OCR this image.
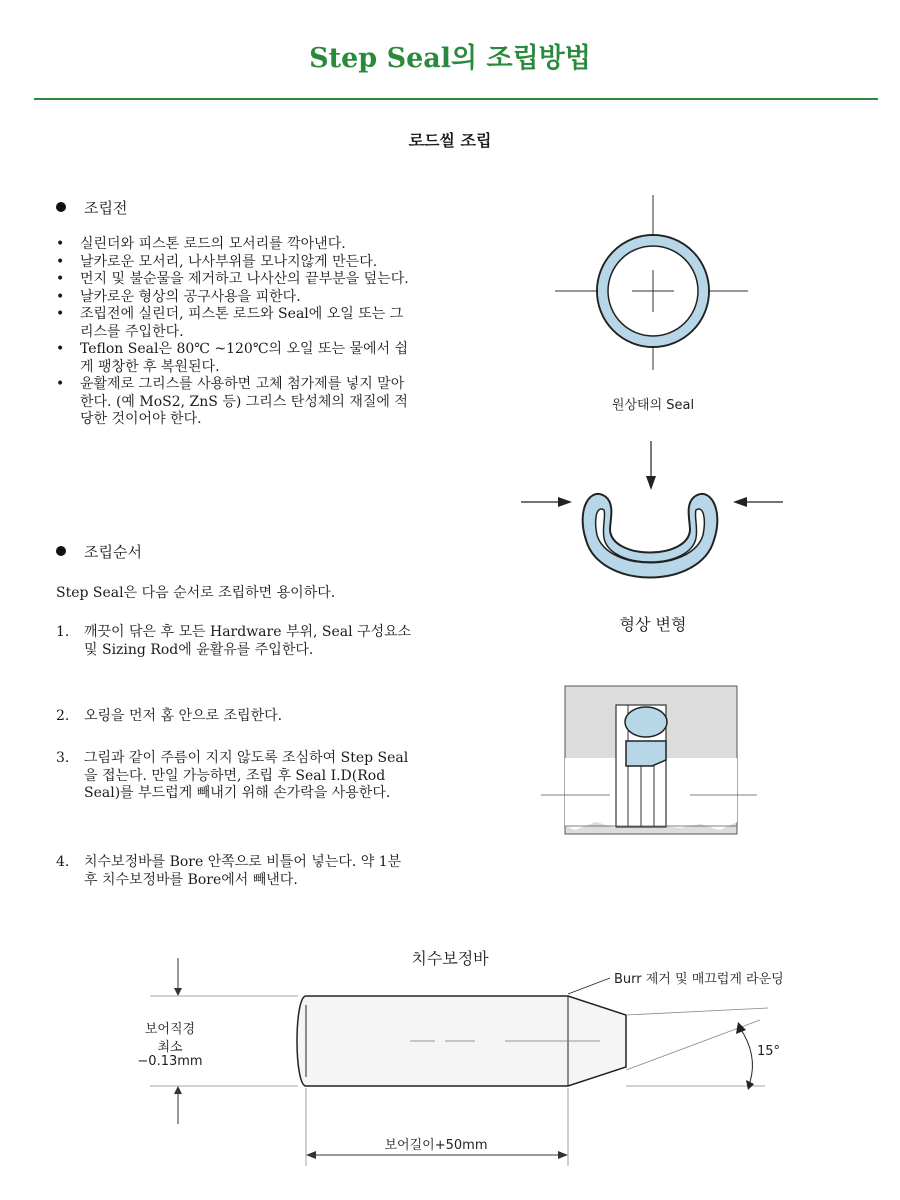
Step Seal의 조립방법
로드씰 조립
조립전
• 실린더와 피스톤 로드의 모서리를 깍아낸다.
• 날카로운 모서리, 나사부위를 모나지않게 만든다.
• 먼지 및 불순물을 제거하고 나사산의 끝부분을 덮는다.
• 날카로운 형상의 공구사용을 피한다.
• 조립전에 실린더, 피스톤 로드와 Seal에 오일 또는 그리스를 주입한다.
• Teflon Seal은 80℃ ~120℃의 오일 또는 물에서 쉽게 팽창한 후 복원된다.
• 윤활제로 그리스를 사용하면 고체 첨가제를 넣지 말아 한다. (예 MoS2, ZnS 등) 그리스 탄성체의 재질에 적당한 것이어야 한다.
조립순서
Step Seal은 다음 순서로 조립하면 용이하다.
1. 깨끗이 닦은 후 모든 Hardware 부위, Seal 구성요소 및 Sizing Rod에 윤활유를 주입한다.
2. 오링을 먼저 홈 안으로 조립한다.
3. 그림과 같이 주름이 지지 않도록 조심하여 Step Seal을 접는다. 만일 가능하면, 조립 후 Seal I.D(Rod Seal)를 부드럽게 빼내기 위해 손가락을 사용한다.
4. 치수보정바를 Bore 안쪽으로 비틀어 넣는다. 약 1분 후 치수보정바를 Bore에서 빼낸다.
원상태의 Seal
형상 변형
치수보정바
Burr 제거 및 매끄럽게 라운딩
보어직경
최소
−0.13mm
15°
보어길이+50mm
